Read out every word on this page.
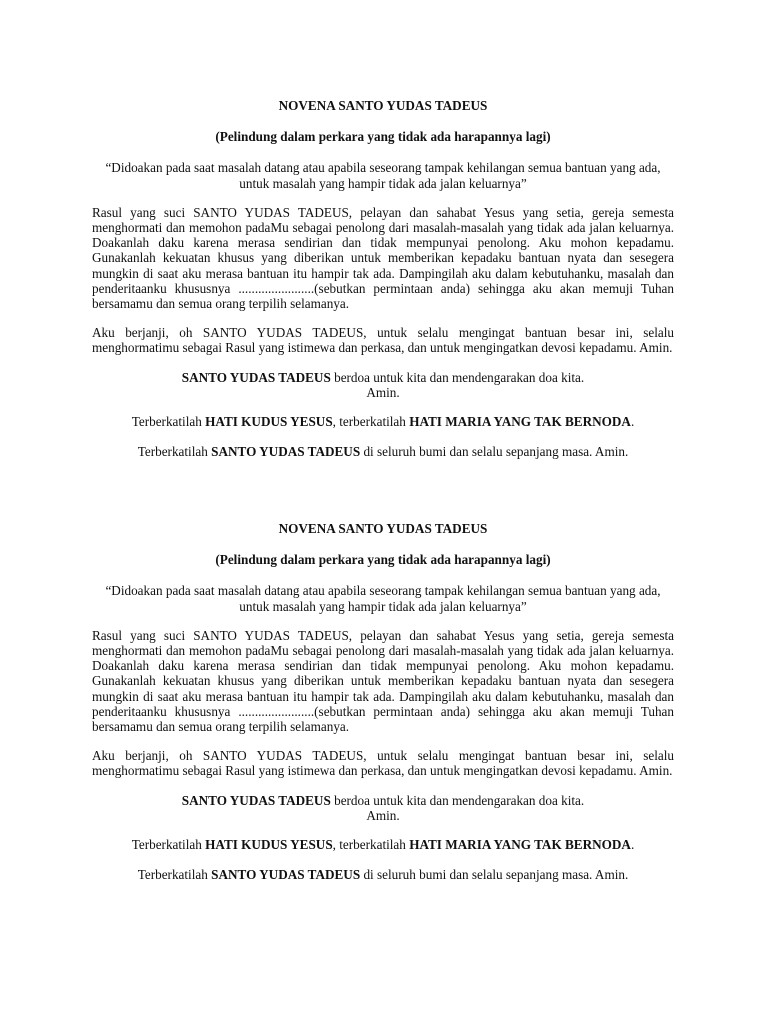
NOVENA SANTO YUDAS TADEUS

(Pelindung dalam perkara yang tidak ada harapannya lagi)

“Didoakan pada saat masalah datang atau apabila seseorang tampak kehilangan semua bantuan yang ada, untuk masalah yang hampir tidak ada jalan keluarnya”

Rasul yang suci SANTO YUDAS TADEUS, pelayan dan sahabat Yesus yang setia, gereja semesta menghormati dan memohon padaMu sebagai penolong dari masalah-masalah yang tidak ada jalan keluarnya. Doakanlah daku karena merasa sendirian dan tidak mempunyai penolong. Aku mohon kepadamu. Gunakanlah kekuatan khusus yang diberikan untuk memberikan kepadaku bantuan nyata dan sesegera mungkin di saat aku merasa bantuan itu hampir tak ada. Dampingilah aku dalam kebutuhanku, masalah dan penderitaanku khususnya .......................(sebutkan permintaan anda) sehingga aku akan memuji Tuhan bersamamu dan semua orang terpilih selamanya.

Aku berjanji, oh SANTO YUDAS TADEUS, untuk selalu mengingat bantuan besar ini, selalu menghormatimu sebagai Rasul yang istimewa dan perkasa, dan untuk mengingatkan devosi kepadamu. Amin.

SANTO YUDAS TADEUS berdoa untuk kita dan mendengarakan doa kita.

Amin.

Terberkatilah HATI KUDUS YESUS, terberkatilah HATI MARIA YANG TAK BERNODA.

Terberkatilah SANTO YUDAS TADEUS di seluruh bumi dan selalu sepanjang masa. Amin.

NOVENA SANTO YUDAS TADEUS

(Pelindung dalam perkara yang tidak ada harapannya lagi)

“Didoakan pada saat masalah datang atau apabila seseorang tampak kehilangan semua bantuan yang ada, untuk masalah yang hampir tidak ada jalan keluarnya”

Rasul yang suci SANTO YUDAS TADEUS, pelayan dan sahabat Yesus yang setia, gereja semesta menghormati dan memohon padaMu sebagai penolong dari masalah-masalah yang tidak ada jalan keluarnya. Doakanlah daku karena merasa sendirian dan tidak mempunyai penolong. Aku mohon kepadamu. Gunakanlah kekuatan khusus yang diberikan untuk memberikan kepadaku bantuan nyata dan sesegera mungkin di saat aku merasa bantuan itu hampir tak ada. Dampingilah aku dalam kebutuhanku, masalah dan penderitaanku khususnya .......................(sebutkan permintaan anda) sehingga aku akan memuji Tuhan bersamamu dan semua orang terpilih selamanya.

Aku berjanji, oh SANTO YUDAS TADEUS, untuk selalu mengingat bantuan besar ini, selalu menghormatimu sebagai Rasul yang istimewa dan perkasa, dan untuk mengingatkan devosi kepadamu. Amin.

SANTO YUDAS TADEUS berdoa untuk kita dan mendengarakan doa kita.

Amin.

Terberkatilah HATI KUDUS YESUS, terberkatilah HATI MARIA YANG TAK BERNODA.

Terberkatilah SANTO YUDAS TADEUS di seluruh bumi dan selalu sepanjang masa. Amin.
